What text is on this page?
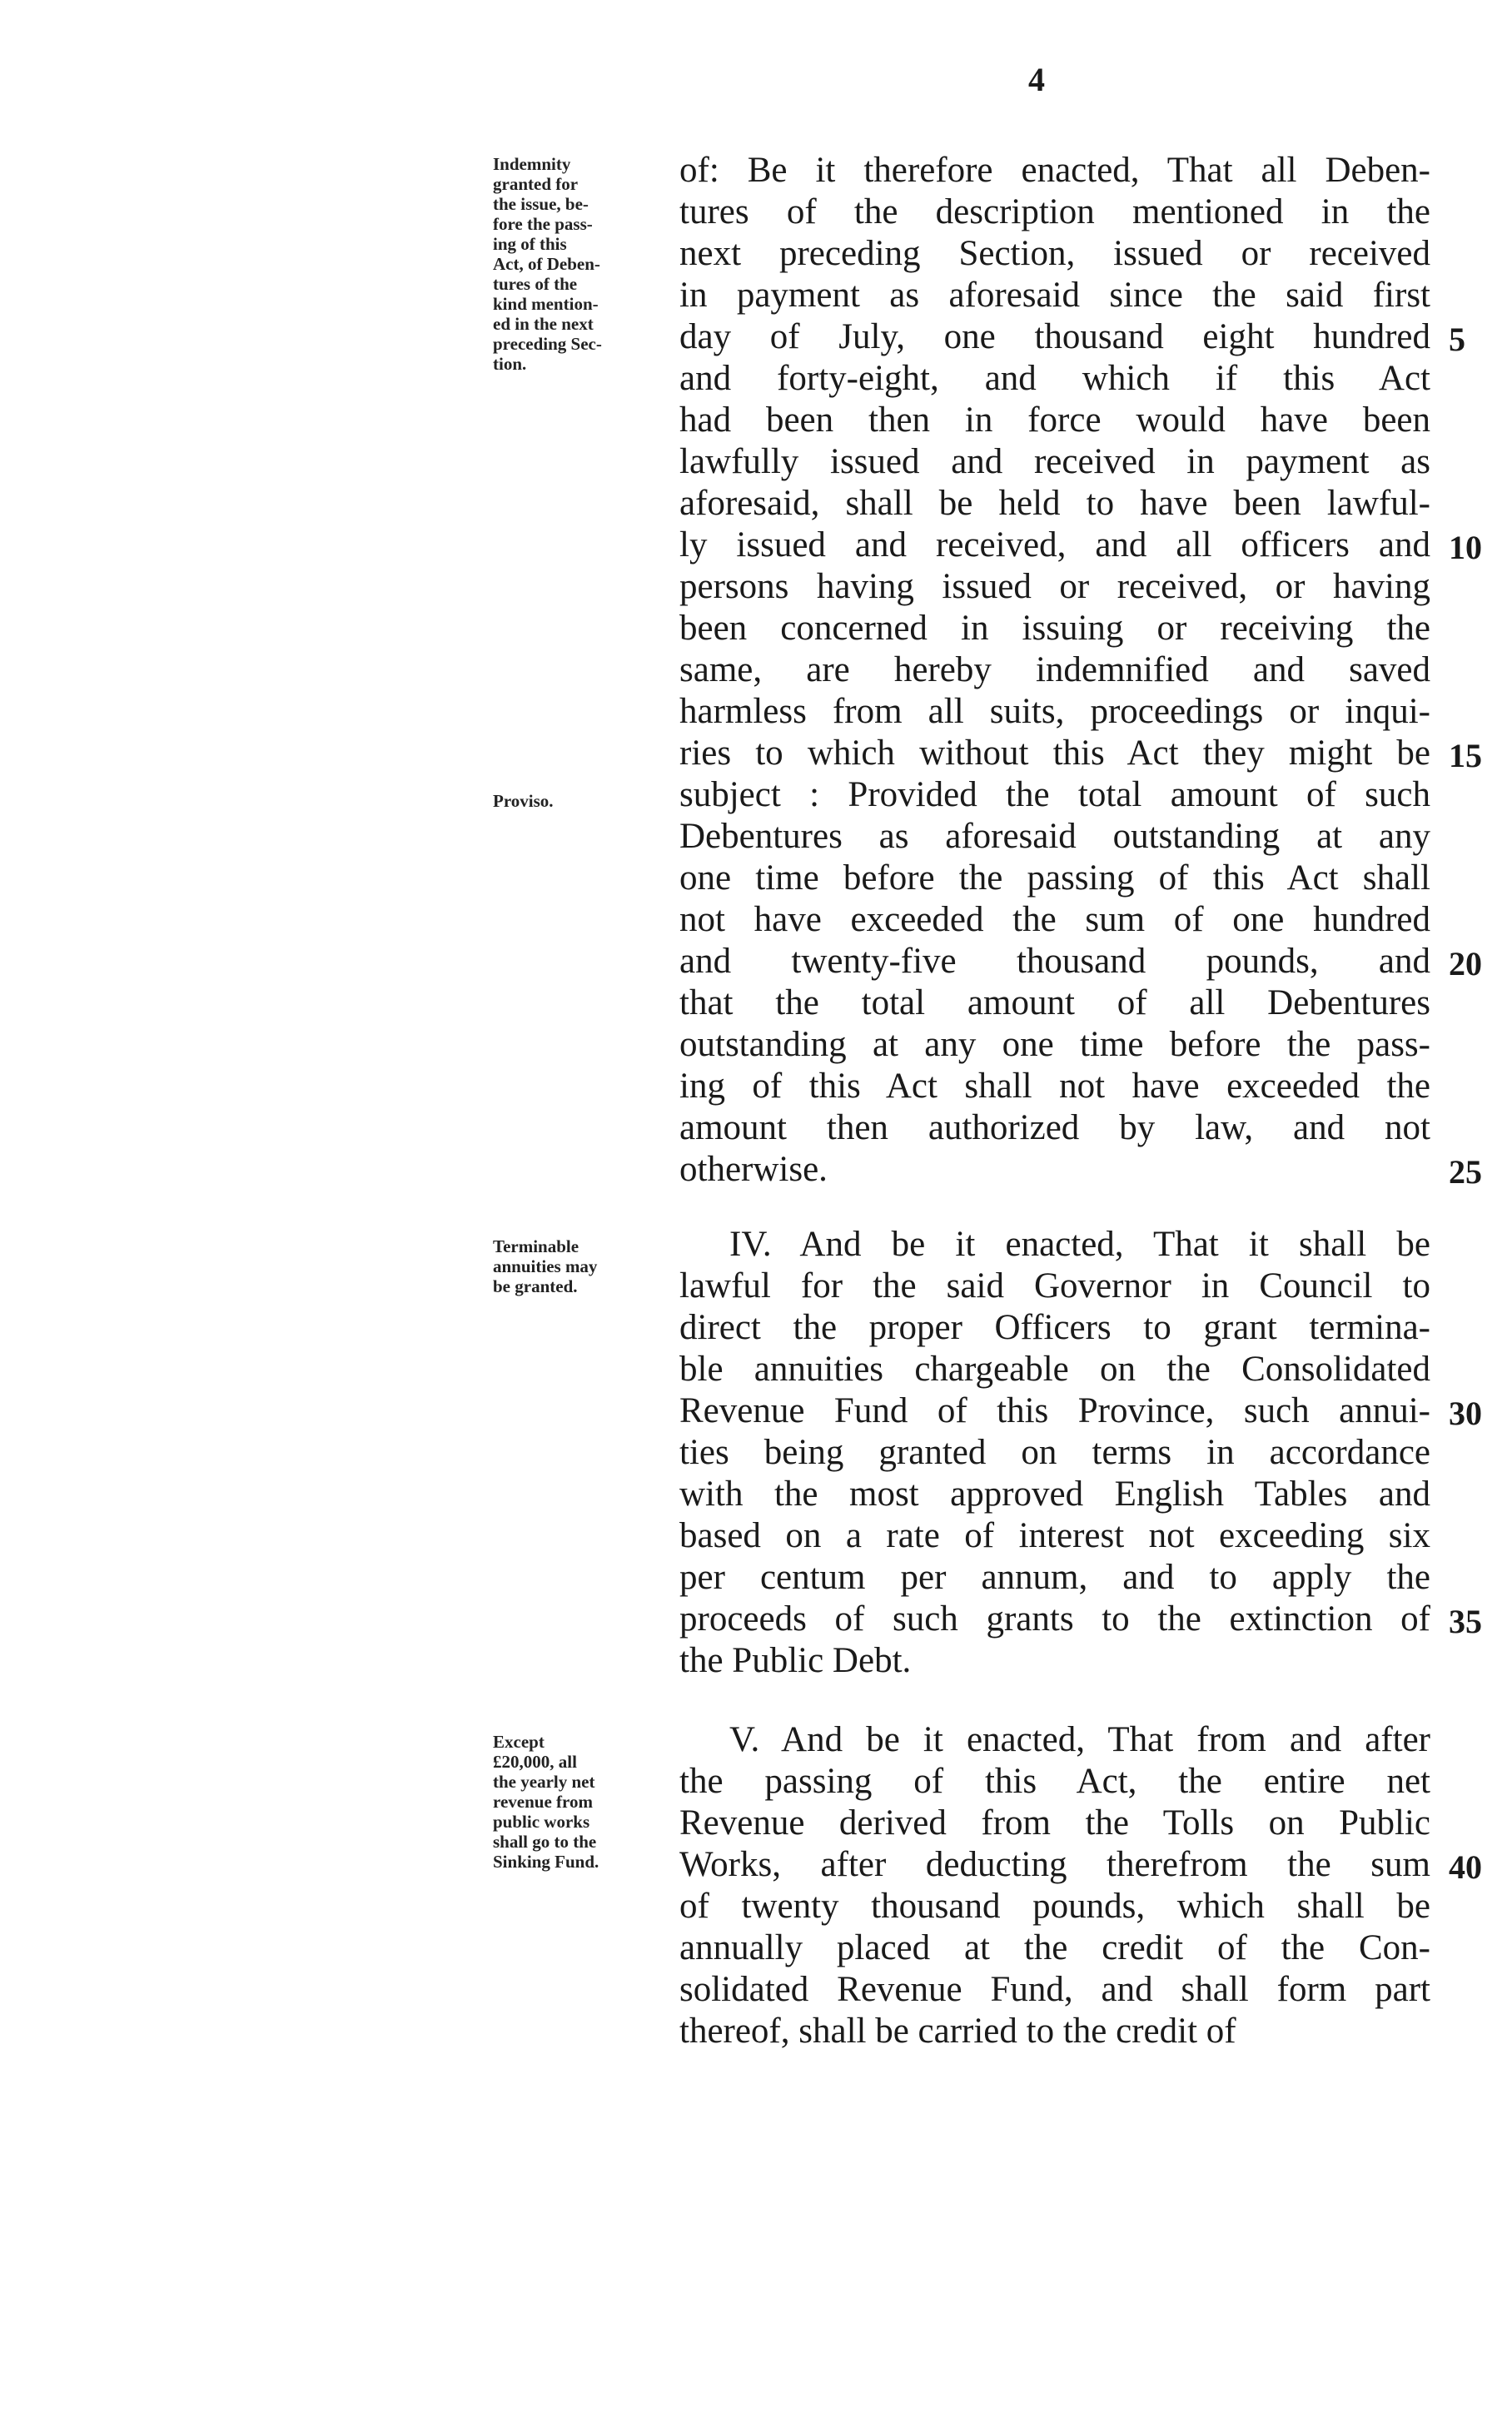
4
Indemnity
granted for
the issue, be-
fore the pass-
ing of this
Act, of Deben-
tures of the
kind mention-
ed in the next
preceding Sec-
tion.
Proviso.
Terminable
annuities may
be granted.
Except
£20,000, all
the yearly net
revenue from
public works
shall go to the
Sinking Fund.
of: Be it therefore enacted, That all Deben-
tures of the description mentioned in the
next preceding Section, issued or received
in payment as aforesaid since the said first
day of July, one thousand eight hundred
and forty-eight, and which if this Act
had been then in force would have been
lawfully issued and received in payment as
aforesaid, shall be held to have been lawful-
ly issued and received, and all officers and
persons having issued or received, or having
been concerned in issuing or receiving the
same, are hereby indemnified and saved
harmless from all suits, proceedings or inqui-
ries to which without this Act they might be
subject : Provided the total amount of such
Debentures as aforesaid outstanding at any
one time before the passing of this Act shall
not have exceeded the sum of one hundred
and twenty-five thousand pounds, and
that the total amount of all Debentures
outstanding at any one time before the pass-
ing of this Act shall not have exceeded the
amount then authorized by law, and not
otherwise.
IV. And be it enacted, That it shall be
lawful for the said Governor in Council to
direct the proper Officers to grant termina-
ble annuities chargeable on the Consolidated
Revenue Fund of this Province, such annui-
ties being granted on terms in accordance
with the most approved English Tables and
based on a rate of interest not exceeding six
per centum per annum, and to apply the
proceeds of such grants to the extinction of
the Public Debt.
V. And be it enacted, That from and after
the passing of this Act, the entire net
Revenue derived from the Tolls on Public
Works, after deducting therefrom the sum
of twenty thousand pounds, which shall be
annually placed at the credit of the Con-
solidated Revenue Fund, and shall form part
thereof, shall be carried to the credit of
5
10
15
20
25
30
35
40
